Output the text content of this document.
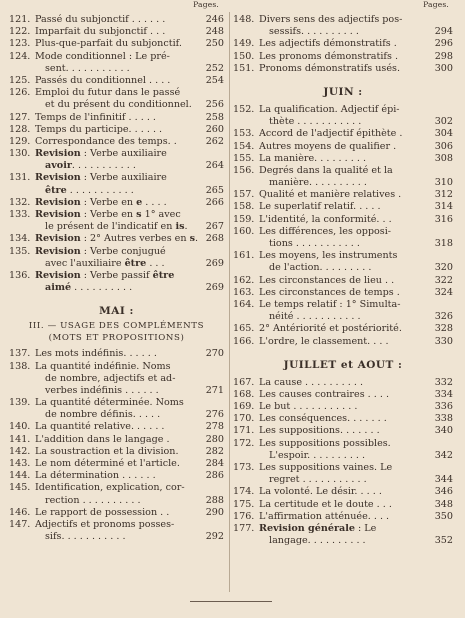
Pages.
121. Passé du subjonctif . . . . . .	246
122. Imparfait du subjonctif . . .	248
123. Plus-que-parfait du subjonctif.	250
124. Mode conditionnel : Le pré-
sent. . . . . . . . . . .	252
125. Passés du conditionnel . . . .	254
126. Emploi du futur dans le passé
et du présent du conditionnel.	256
127. Temps de l'infinitif . . . . .	258
128. Temps du participe. . . . . .	260
129. Correspondance des temps. .	262
130. Revision : Verbe auxiliaire
avoir. . . . . . . . . . .	264
131. Revision : Verbe auxiliaire
être . . . . . . . . . . .	265
132. Revision : Verbe en e . . . .	266
133. Revision : Verbe en s 1° avec
le présent de l'indicatif en is.	267
134. Revision : 2° Autres verbes en s. 268
135. Revision : Verbe conjugué
avec l'auxiliaire être . . .	269
136. Revision : Verbe passif être
aimé . . . . . . . . . .	269
MAI :
III. — USAGE DES COMPLÉMENTS
(MOTS ET PROPOSITIONS)
137. Les mots indéfinis. . . . . .	270
138. La quantité indéfinie. Noms
de nombre, adjectifs et ad-
verbes indéfinis . . . . . .	271
139. La quantité déterminée. Noms
de nombre définis. . . . .	276
140. La quantité relative. . . . . .	278
141. L'addition dans le langage .	280
142. La soustraction et la division.	282
143. Le nom déterminé et l'article.	284
144. La détermination . . . . . .	286
145. Identification, explication, cor-
rection . . . . . . . . . .	288
146. Le rapport de possession . .	290
147. Adjectifs et pronoms posses-
sifs. . . . . . . . . . .	292
Pages.
148. Divers sens des adjectifs pos-
sessifs. . . . . . . . . .	294
149. Les adjectifs démonstratifs .	296
150. Les pronoms démonstratifs .	298
151. Pronoms démonstratifs usés.	300
JUIN :
152. La qualification. Adjectif épi-
thète . . . . . . . . . . .	302
153. Accord de l'adjectif épithète .	304
154. Autres moyens de qualifier .	306
155. La manière. . . . . . . . .	308
156. Degrés dans la qualité et la
manière. . . . . . . . . .	310
157. Qualité et manière relatives .	312
158. Le superlatif relatif. . . . .	314
159. L'identité, la conformité. . .	316
160. Les différences, les opposi-
tions . . . . . . . . . . .	318
161. Les moyens, les instruments
de l'action. . . . . . . . .	320
162. Les circonstances de lieu . .	322
163. Les circonstances de temps .	324
164. Le temps relatif : 1° Simulta-
néité . . . . . . . . . . .	326
165. 2° Antériorité et postériorité.	328
166. L'ordre, le classement. . . .	330
JUILLET et AOUT :
167. La cause . . . . . . . . . .	332
168. Les causes contraires . . . .	334
169. Le but . . . . . . . . . . .	336
170. Les conséquences. . . . . . .	338
171. Les suppositions. . . . . . .	340
172. Les suppositions possibles.
L'espoir. . . . . . . . . .	342
173. Les suppositions vaines. Le
regret . . . . . . . . . . .	344
174. La volonté. Le désir. . . . .	346
175. La certitude et le doute . . .	348
176. L'affirmation atténuée. . . .	350
177. Revision générale : Le
langage. . . . . . . . . .	352
